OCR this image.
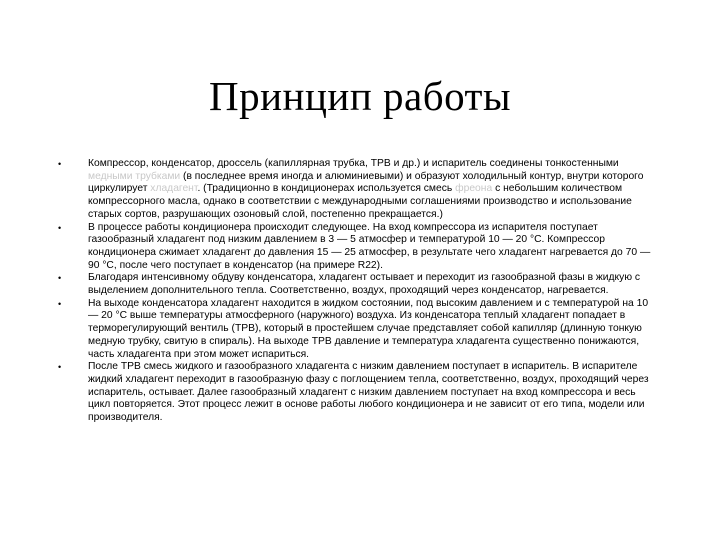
Принцип работы
•	Компрессор, конденсатор, дроссель (капиллярная трубка, ТРВ и др.) и испаритель соединены тонкостенными медными трубками (в последнее время иногда и алюминиевыми) и образуют холодильный контур, внутри которого циркулирует хладагент. (Традиционно в кондиционерах используется смесь фреона с небольшим количеством компрессорного масла, однако в соответствии с международными соглашениями производство и использование старых сортов, разрушающих озоновый слой, постепенно прекращается.)
•	В процессе работы кондиционера происходит следующее. На вход компрессора из испарителя поступает газообразный хладагент под низким давлением в 3 — 5 атмосфер и температурой 10 — 20 °С. Компрессор кондиционера сжимает хладагент до давления 15 — 25 атмосфер, в результате чего хладагент нагревается до 70 — 90 °С, после чего поступает в конденсатор (на примере R22).
•	Благодаря интенсивному обдуву конденсатора, хладагент остывает и переходит из газообразной фазы в жидкую с выделением дополнительного тепла. Соответственно, воздух, проходящий через конденсатор, нагревается.
•	На выходе конденсатора хладагент находится в жидком состоянии, под высоким давлением и с температурой на 10 — 20 °С выше температуры атмосферного (наружного) воздуха. Из конденсатора теплый хладагент попадает в терморегулирующий вентиль (ТРВ), который в простейшем случае представляет собой капилляр (длинную тонкую медную трубку, свитую в спираль). На выходе ТРВ давление и температура хладагента существенно понижаются, часть хладагента при этом может испариться.
•	После ТРВ смесь жидкого и газообразного хладагента с низким давлением поступает в испаритель. В испарителе жидкий хладагент переходит в газообразную фазу с поглощением тепла, соответственно, воздух, проходящий через испаритель, остывает. Далее газообразный хладагент с низким давлением поступает на вход компрессора и весь цикл повторяется. Этот процесс лежит в основе работы любого кондиционера и не зависит от его типа, модели или производителя.
